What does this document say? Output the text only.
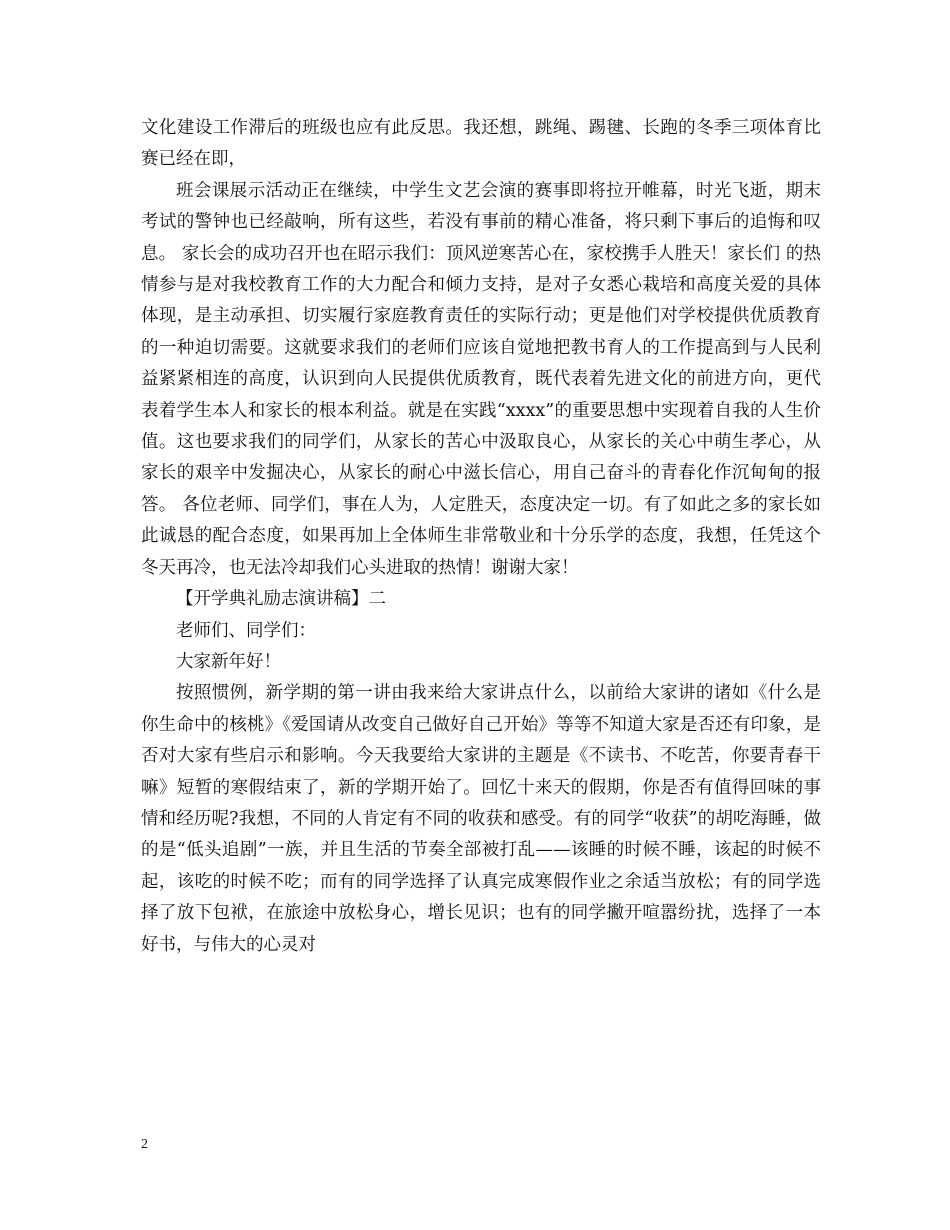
文化建设工作滞后的班级也应有此反思。我还想，跳绳、踢毽、长跑的冬季三项体育比赛已经在即，

班会课展示活动正在继续，中学生文艺会演的赛事即将拉开帷幕，时光飞逝，期末考试的警钟也已经敲响，所有这些，若没有事前的精心准备，将只剩下事后的追悔和叹息。 家长会的成功召开也在昭示我们：顶风逆寒苦心在，家校携手人胜天！家长们 的热情参与是对我校教育工作的大力配合和倾力支持，是对子女悉心栽培和高度关爱的具体体现，是主动承担、切实履行家庭教育责任的实际行动；更是他们对学校提供优质教育的一种迫切需要。这就要求我们的老师们应该自觉地把教书育人的工作提高到与人民利益紧紧相连的高度，认识到向人民提供优质教育，既代表着先进文化的前进方向，更代表着学生本人和家长的根本利益。就是在实践“xxxx”的重要思想中实现着自我的人生价值。这也要求我们的同学们，从家长的苦心中汲取良心，从家长的关心中萌生孝心，从家长的艰辛中发掘决心，从家长的耐心中滋长信心，用自己奋斗的青春化作沉甸甸的报答。 各位老师、同学们，事在人为，人定胜天，态度决定一切。有了如此之多的家长如此诚恳的配合态度，如果再加上全体师生非常敬业和十分乐学的态度，我想，任凭这个冬天再冷，也无法冷却我们心头进取的热情！谢谢大家！

【开学典礼励志演讲稿】二

老师们、同学们：

大家新年好！

按照惯例，新学期的第一讲由我来给大家讲点什么，以前给大家讲的诸如《什么是你生命中的核桃》《爱国请从改变自己做好自己开始》等等不知道大家是否还有印象，是否对大家有些启示和影响。今天我要给大家讲的主题是《不读书、不吃苦，你要青春干嘛》短暂的寒假结束了，新的学期开始了。回忆十来天的假期，你是否有值得回味的事情和经历呢?我想，不同的人肯定有不同的收获和感受。有的同学“收获”的胡吃海睡，做的是“低头追剧”一族，并且生活的节奏全部被打乱——该睡的时候不睡，该起的时候不起，该吃的时候不吃；而有的同学选择了认真完成寒假作业之余适当放松；有的同学选择了放下包袱，在旅途中放松身心，增长见识；也有的同学撇开喧嚣纷扰，选择了一本好书，与伟大的心灵对

2
